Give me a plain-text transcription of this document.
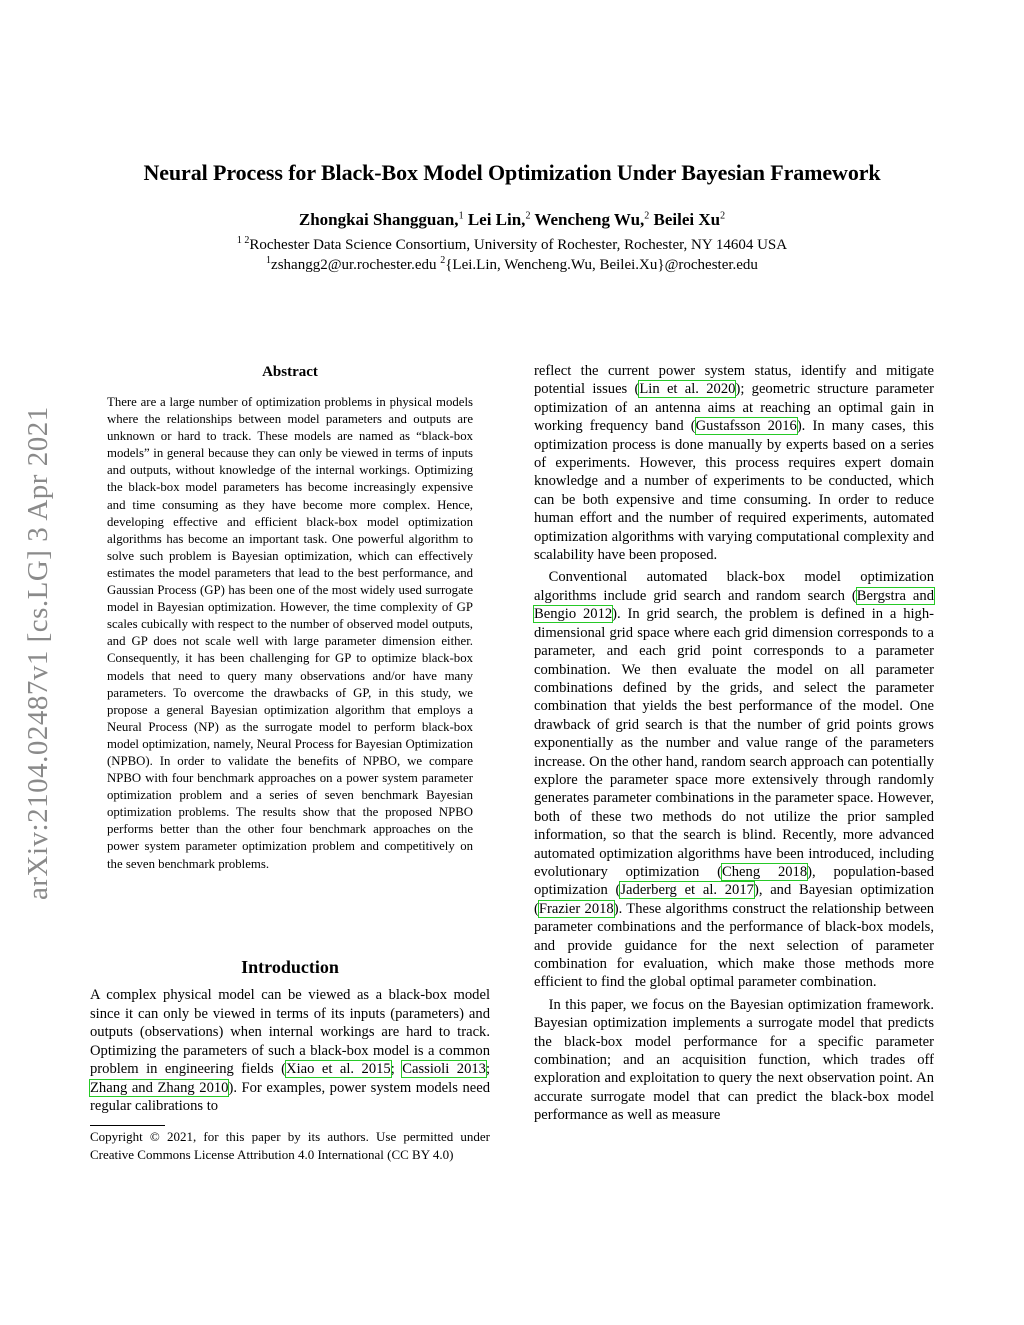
Neural Process for Black-Box Model Optimization Under Bayesian Framework
Zhongkai Shangguan,$^1$ Lei Lin,$^2$ Wencheng Wu,$^2$ Beilei Xu$^2$
$^{1 2}$Rochester Data Science Consortium, University of Rochester, Rochester, NY 14604 USA
$^1$zshangg2@ur.rochester.edu $^2${Lei.Lin, Wencheng.Wu, Beilei.Xu}@rochester.edu
arXiv:2104.02487v1 [cs.LG] 3 Apr 2021
Abstract
There are a large number of optimization problems in physical models where the relationships between model parameters and outputs are unknown or hard to track. These models are named as “black-box models” in general because they can only be viewed in terms of inputs and outputs, without knowledge of the internal workings. Optimizing the black-box model parameters has become increasingly expensive and time consuming as they have become more complex. Hence, developing effective and efficient black-box model optimization algorithms has become an important task. One powerful algorithm to solve such problem is Bayesian optimization, which can effectively estimates the model parameters that lead to the best performance, and Gaussian Process (GP) has been one of the most widely used surrogate model in Bayesian optimization. However, the time complexity of GP scales cubically with respect to the number of observed model outputs, and GP does not scale well with large parameter dimension either. Consequently, it has been challenging for GP to optimize black-box models that need to query many observations and/or have many parameters. To overcome the drawbacks of GP, in this study, we propose a general Bayesian optimization algorithm that employs a Neural Process (NP) as the surrogate model to perform black-box model optimization, namely, Neural Process for Bayesian Optimization (NPBO). In order to validate the benefits of NPBO, we compare NPBO with four benchmark approaches on a power system parameter optimization problem and a series of seven benchmark Bayesian optimization problems. The results show that the proposed NPBO performs better than the other four benchmark approaches on the power system parameter optimization problem and competitively on the seven benchmark problems.
Introduction
A complex physical model can be viewed as a black-box model since it can only be viewed in terms of its inputs (parameters) and outputs (observations) when internal workings are hard to track. Optimizing the parameters of such a black-box model is a common problem in engineering fields (Xiao et al. 2015; Cassioli 2013; Zhang and Zhang 2010). For examples, power system models need regular calibrations to
Copyright © 2021, for this paper by its authors. Use permitted under Creative Commons License Attribution 4.0 International (CC BY 4.0)

reflect the current power system status, identify and mitigate potential issues (Lin et al. 2020); geometric structure parameter optimization of an antenna aims at reaching an optimal gain in working frequency band (Gustafsson 2016). In many cases, this optimization process is done manually by experts based on a series of experiments. However, this process requires expert domain knowledge and a number of experiments to be conducted, which can be both expensive and time consuming. In order to reduce human effort and the number of required experiments, automated optimization algorithms with varying computational complexity and scalability have been proposed.

Conventional automated black-box model optimization algorithms include grid search and random search (Bergstra and Bengio 2012). In grid search, the problem is defined in a high-dimensional grid space where each grid dimension corresponds to a parameter, and each grid point corresponds to a parameter combination. We then evaluate the model on all parameter combinations defined by the grids, and select the parameter combination that yields the best performance of the model. One drawback of grid search is that the number of grid points grows exponentially as the number and value range of the parameters increase. On the other hand, random search approach can potentially explore the parameter space more extensively through randomly generates parameter combinations in the parameter space. However, both of these two methods do not utilize the prior sampled information, so that the search is blind. Recently, more advanced automated optimization algorithms have been introduced, including evolutionary optimization (Cheng 2018), population-based optimization (Jaderberg et al. 2017), and Bayesian optimization (Frazier 2018). These algorithms construct the relationship between parameter combinations and the performance of black-box models, and provide guidance for the next selection of parameter combination for evaluation, which make those methods more efficient to find the global optimal parameter combination.

In this paper, we focus on the Bayesian optimization framework. Bayesian optimization implements a surrogate model that predicts the black-box model performance for a specific parameter combination; and an acquisition function, which trades off exploration and exploitation to query the next observation point. An accurate surrogate model that can predict the black-box model performance as well as measure
